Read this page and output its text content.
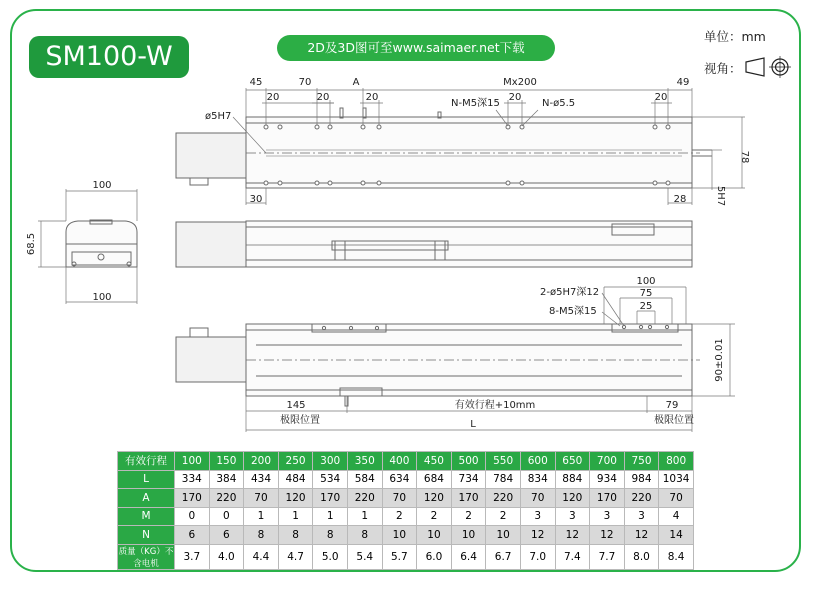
SM100-W	2D及3D图可至www.saimaer.net下载
单位：mm
视角：
45	70	A	Mx200	49
20	20	20	20	20
ø5H7
N-M5深15	N-ø5.5
30	28
78
5H7
100
68.5
100
100
75
25
2-ø5H7深12
8-M5深15
90±0.01
145
极限位置
有效行程+10mm	79
极限位置
L
有效行程	100	150	200	250	300	350	400	450	500	550	600	650	700	750	800
L	334	384	434	484	534	584	634	684	734	784	834	884	934	984	1034
A	170	220	70	120	170	220	70	120	170	220	70	120	170	220	70
M	0	0	1	1	1	1	2	2	2	2	3	3	3	3	4
N	6	6	8	8	8	8	10	10	10	10	12	12	12	12	14
质量（KG）不含电机	3.7	4.0	4.4	4.7	5.0	5.4	5.7	6.0	6.4	6.7	7.0	7.4	7.7	8.0	8.4
